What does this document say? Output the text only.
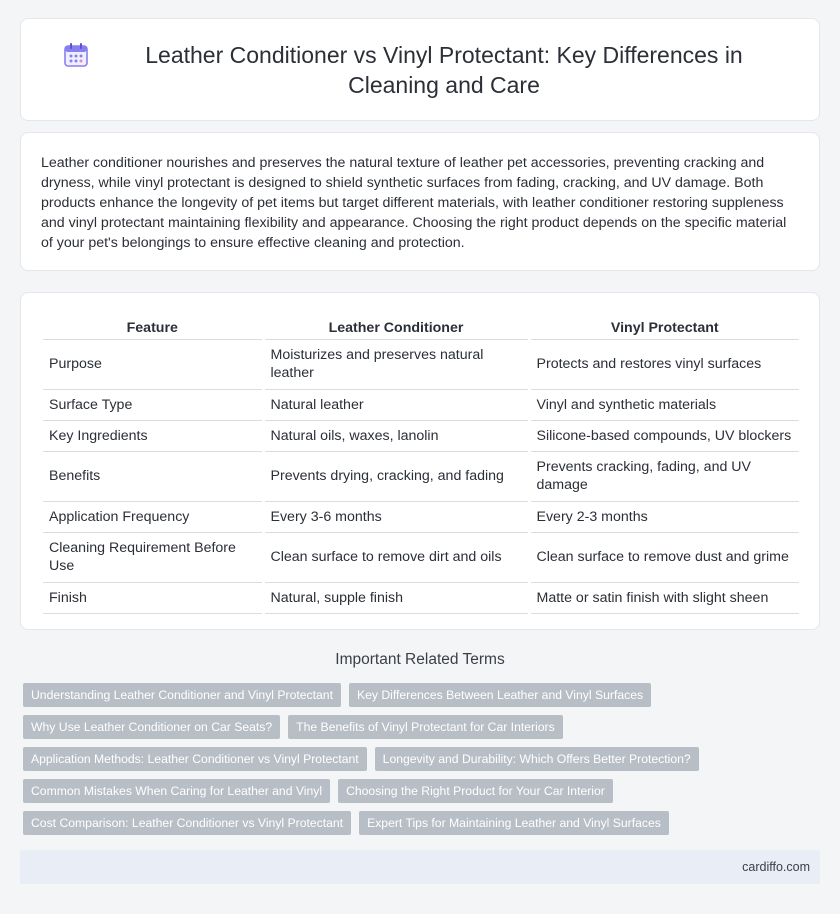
Leather Conditioner vs Vinyl Protectant: Key Differences in Cleaning and Care

Leather conditioner nourishes and preserves the natural texture of leather pet accessories, preventing cracking and dryness, while vinyl protectant is designed to shield synthetic surfaces from fading, cracking, and UV damage. Both products enhance the longevity of pet items but target different materials, with leather conditioner restoring suppleness and vinyl protectant maintaining flexibility and appearance. Choosing the right product depends on the specific material of your pet's belongings to ensure effective cleaning and protection.

Feature	Leather Conditioner	Vinyl Protectant
Purpose	Moisturizes and preserves natural leather	Protects and restores vinyl surfaces
Surface Type	Natural leather	Vinyl and synthetic materials
Key Ingredients	Natural oils, waxes, lanolin	Silicone-based compounds, UV blockers
Benefits	Prevents drying, cracking, and fading	Prevents cracking, fading, and UV damage
Application Frequency	Every 3-6 months	Every 2-3 months
Cleaning Requirement Before Use	Clean surface to remove dirt and oils	Clean surface to remove dust and grime
Finish	Natural, supple finish	Matte or satin finish with slight sheen
Important Related Terms
Understanding Leather Conditioner and Vinyl Protectant	Key Differences Between Leather and Vinyl Surfaces
Why Use Leather Conditioner on Car Seats?	The Benefits of Vinyl Protectant for Car Interiors
Application Methods: Leather Conditioner vs Vinyl Protectant	Longevity and Durability: Which Offers Better Protection?
Common Mistakes When Caring for Leather and Vinyl	Choosing the Right Product for Your Car Interior
Cost Comparison: Leather Conditioner vs Vinyl Protectant	Expert Tips for Maintaining Leather and Vinyl Surfaces
cardiffo.com
